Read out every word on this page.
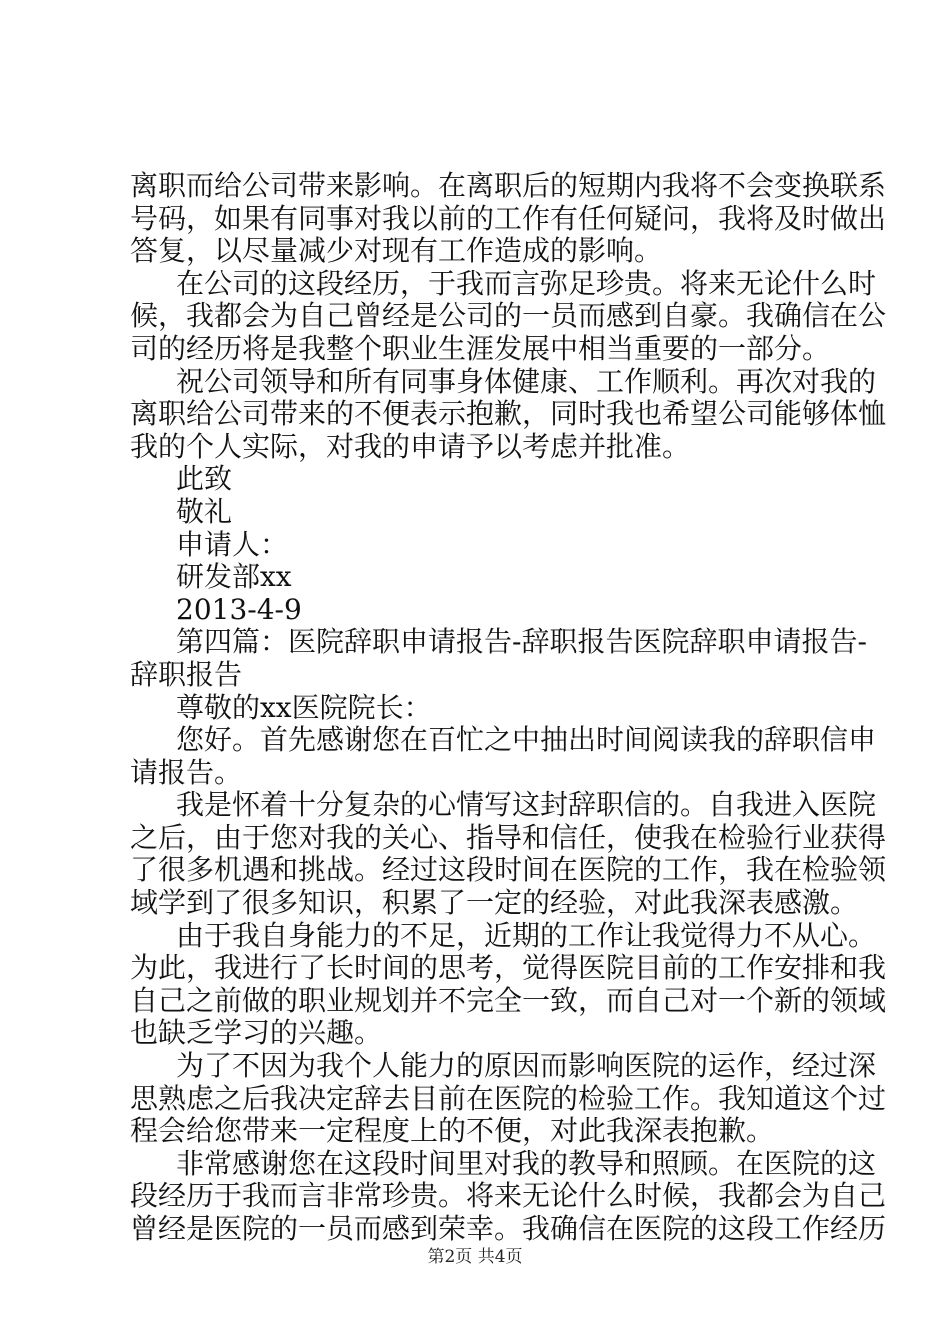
离职而给公司带来影响。在离职后的短期内我将不会变换联系
号码，如果有同事对我以前的工作有任何疑问，我将及时做出
答复，以尽量减少对现有工作造成的影响。
在公司的这段经历，于我而言弥足珍贵。将来无论什么时
候，我都会为自己曾经是公司的一员而感到自豪。我确信在公
司的经历将是我整个职业生涯发展中相当重要的一部分。
祝公司领导和所有同事身体健康、工作顺利。再次对我的
离职给公司带来的不便表示抱歉，同时我也希望公司能够体恤
我的个人实际，对我的申请予以考虑并批准。
此致
敬礼
申请人：
研发部xx
2013-4-9
第四篇：医院辞职申请报告-辞职报告医院辞职申请报告-
辞职报告
尊敬的xx医院院长：
您好。首先感谢您在百忙之中抽出时间阅读我的辞职信申
请报告。
我是怀着十分复杂的心情写这封辞职信的。自我进入医院
之后，由于您对我的关心、指导和信任，使我在检验行业获得
了很多机遇和挑战。经过这段时间在医院的工作，我在检验领
域学到了很多知识，积累了一定的经验，对此我深表感激。
由于我自身能力的不足，近期的工作让我觉得力不从心。
为此，我进行了长时间的思考，觉得医院目前的工作安排和我
自己之前做的职业规划并不完全一致，而自己对一个新的领域
也缺乏学习的兴趣。
为了不因为我个人能力的原因而影响医院的运作，经过深
思熟虑之后我决定辞去目前在医院的检验工作。我知道这个过
程会给您带来一定程度上的不便，对此我深表抱歉。
非常感谢您在这段时间里对我的教导和照顾。在医院的这
段经历于我而言非常珍贵。将来无论什么时候，我都会为自己
曾经是医院的一员而感到荣幸。我确信在医院的这段工作经历
第2页 共4页
